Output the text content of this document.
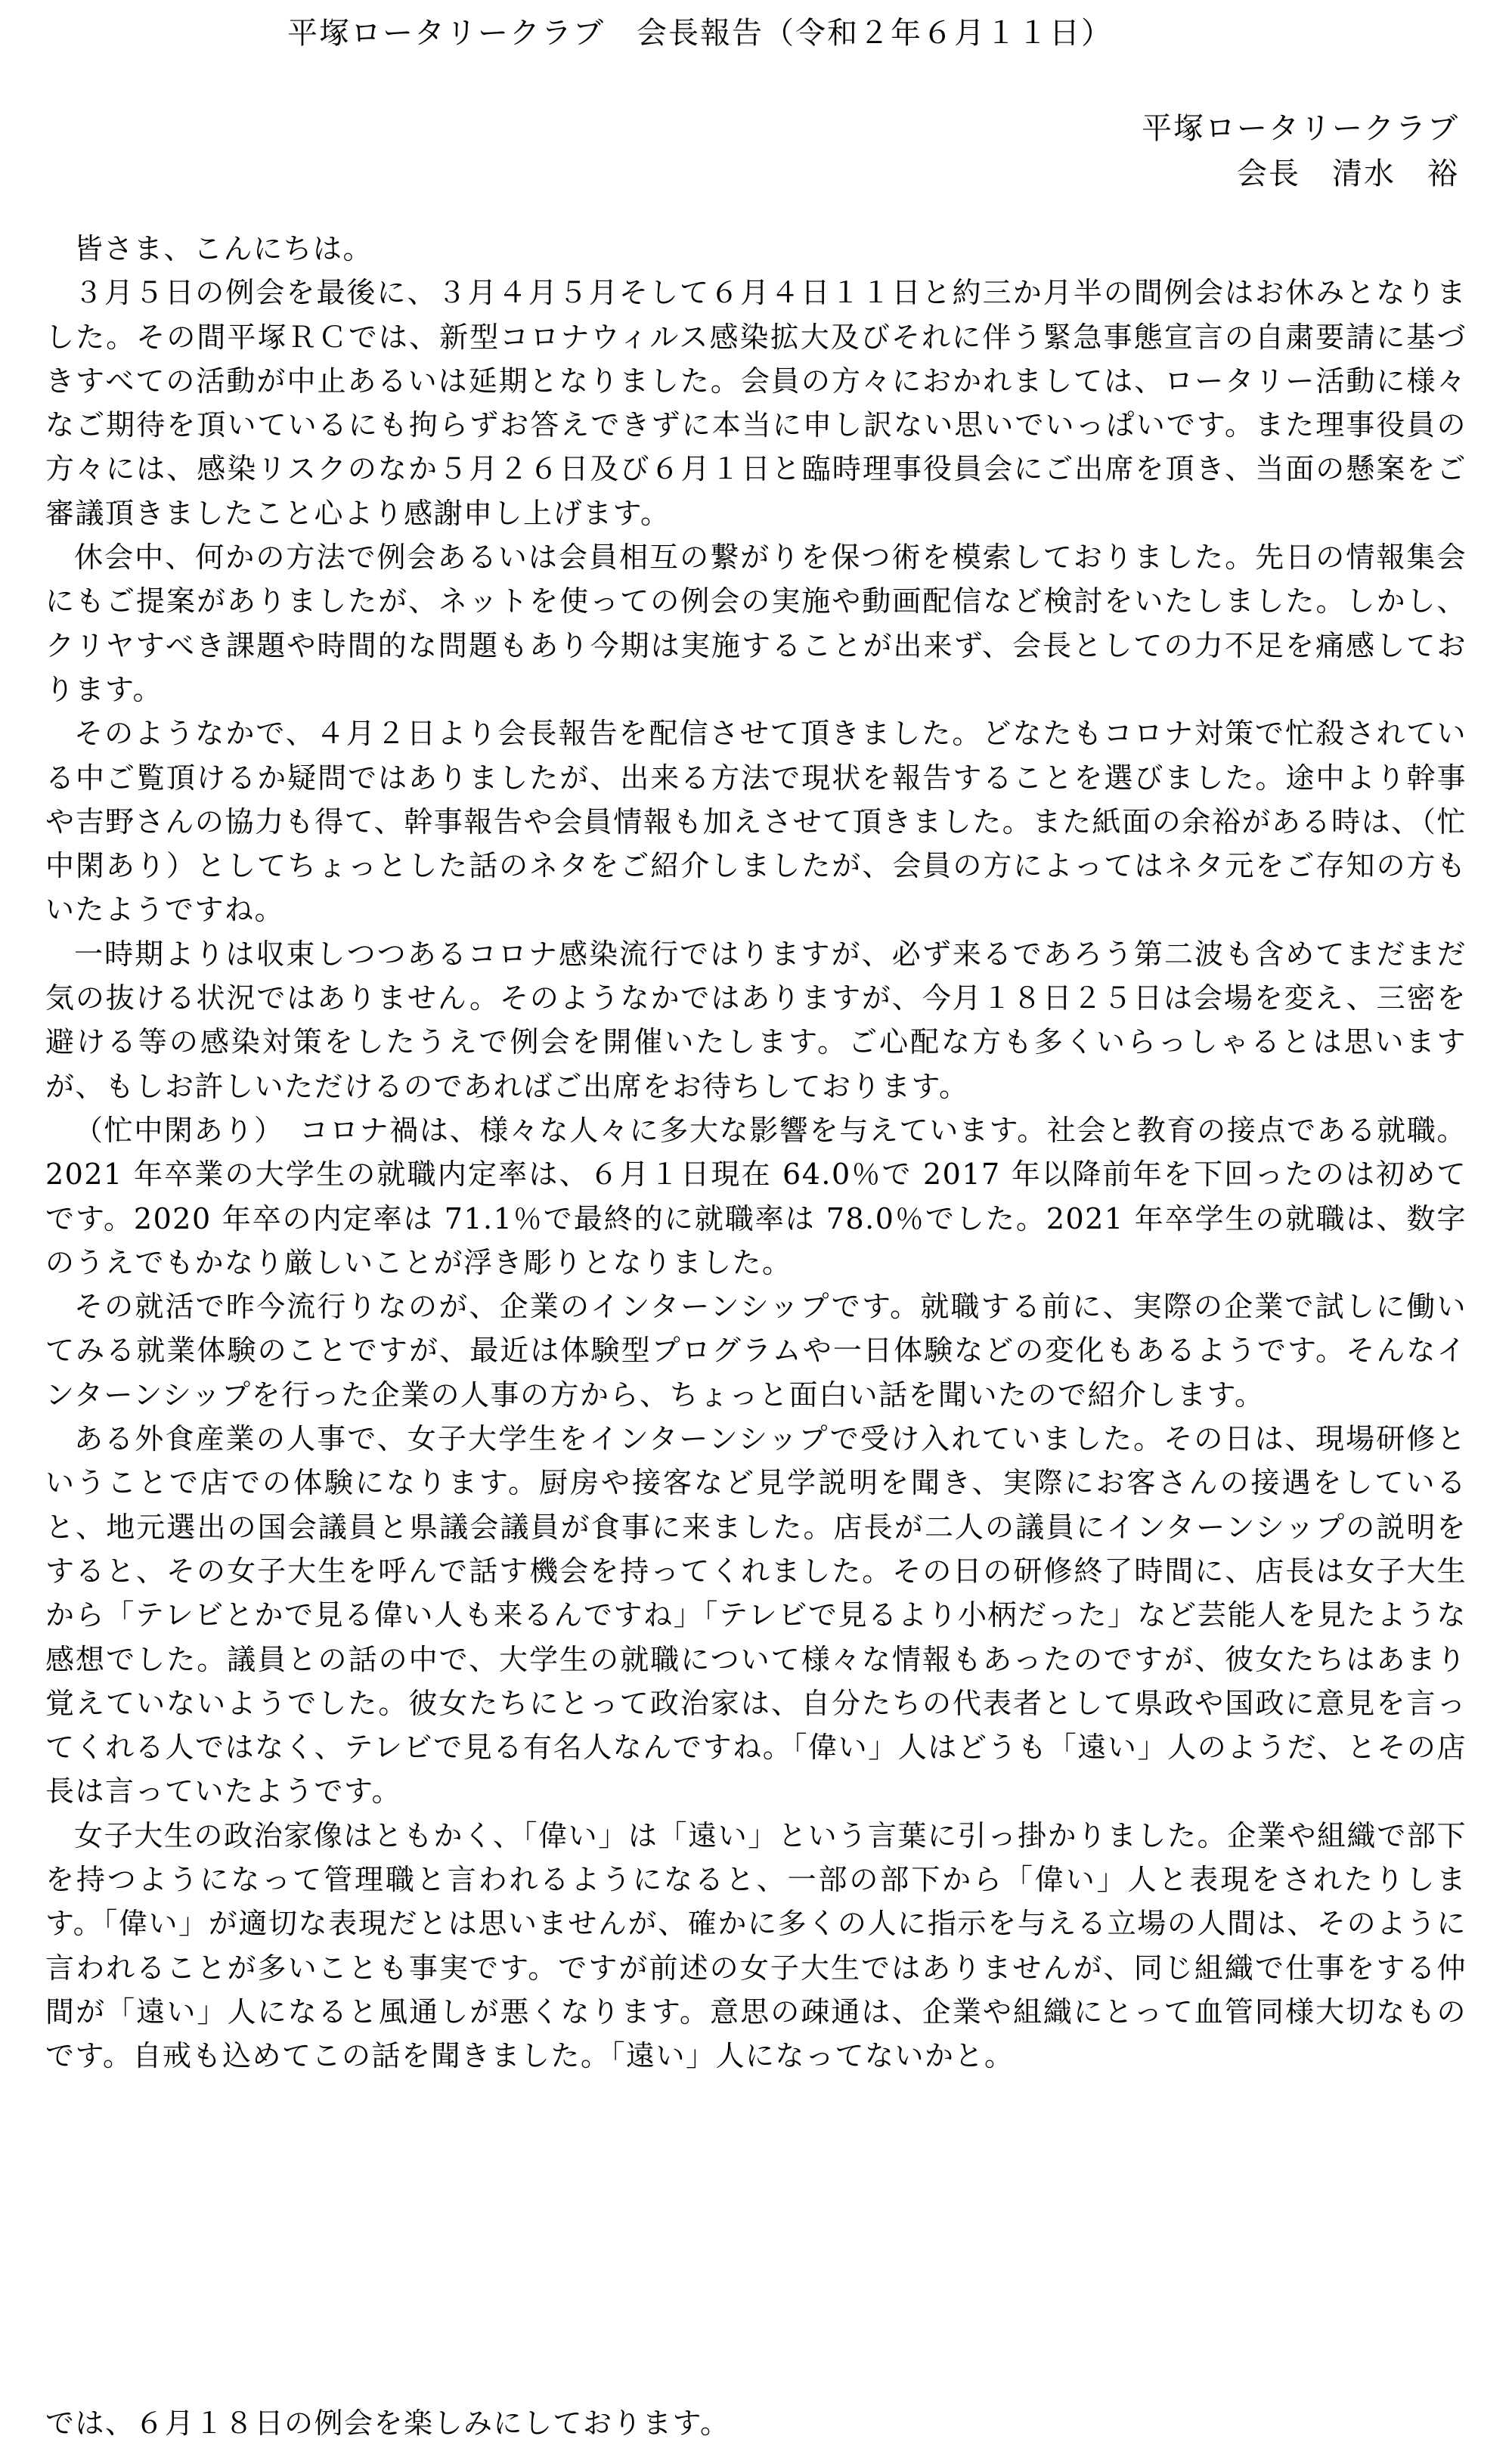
平塚ロータリークラブ　会長報告（令和２年６月１１日）
平塚ロータリークラブ
会長　清水　裕

皆さま、こんにちは。

３月５日の例会を最後に、３月４月５月そして６月４日１１日と約三か月半の間例会はお休みとなりました。その間平塚ＲＣでは、新型コロナウィルス感染拡大及びそれに伴う緊急事態宣言の自粛要請に基づきすべての活動が中止あるいは延期となりました。会員の方々におかれましては、ロータリー活動に様々なご期待を頂いているにも拘らずお答えできずに本当に申し訳ない思いでいっぱいです。また理事役員の方々には、感染リスクのなか５月２６日及び６月１日と臨時理事役員会にご出席を頂き、当面の懸案をご審議頂きましたこと心より感謝申し上げます。

休会中、何かの方法で例会あるいは会員相互の繋がりを保つ術を模索しておりました。先日の情報集会にもご提案がありましたが、ネットを使っての例会の実施や動画配信など検討をいたしました。しかし、クリヤすべき課題や時間的な問題もあり今期は実施することが出来ず、会長としての力不足を痛感しております。

そのようなかで、４月２日より会長報告を配信させて頂きました。どなたもコロナ対策で忙殺されている中ご覧頂けるか疑問ではありましたが、出来る方法で現状を報告することを選びました。途中より幹事や吉野さんの協力も得て、幹事報告や会員情報も加えさせて頂きました。また紙面の余裕がある時は、（忙中閑あり）としてちょっとした話のネタをご紹介しましたが、会員の方によってはネタ元をご存知の方もいたようですね。

一時期よりは収束しつつあるコロナ感染流行ではりますが、必ず来るであろう第二波も含めてまだまだ気の抜ける状況ではありません。そのようなかではありますが、今月１８日２５日は会場を変え、三密を避ける等の感染対策をしたうえで例会を開催いたします。ご心配な方も多くいらっしゃるとは思いますが、もしお許しいただけるのであればご出席をお待ちしております。

（忙中閑あり）　コロナ禍は、様々な人々に多大な影響を与えています。社会と教育の接点である就職。2021 年卒業の大学生の就職内定率は、６月１日現在 64.0％で 2017 年以降前年を下回ったのは初めてです。2020 年卒の内定率は 71.1％で最終的に就職率は 78.0％でした。2021 年卒学生の就職は、数字のうえでもかなり厳しいことが浮き彫りとなりました。

その就活で昨今流行りなのが、企業のインターンシップです。就職する前に、実際の企業で試しに働いてみる就業体験のことですが、最近は体験型プログラムや一日体験などの変化もあるようです。そんなインターンシップを行った企業の人事の方から、ちょっと面白い話を聞いたので紹介します。

ある外食産業の人事で、女子大学生をインターンシップで受け入れていました。その日は、現場研修ということで店での体験になります。厨房や接客など見学説明を聞き、実際にお客さんの接遇をしていると、地元選出の国会議員と県議会議員が食事に来ました。店長が二人の議員にインターンシップの説明をすると、その女子大生を呼んで話す機会を持ってくれました。その日の研修終了時間に、店長は女子大生から「テレビとかで見る偉い人も来るんですね」「テレビで見るより小柄だった」など芸能人を見たような感想でした。議員との話の中で、大学生の就職について様々な情報もあったのですが、彼女たちはあまり覚えていないようでした。彼女たちにとって政治家は、自分たちの代表者として県政や国政に意見を言ってくれる人ではなく、テレビで見る有名人なんですね。「偉い」人はどうも「遠い」人のようだ、とその店長は言っていたようです。

女子大生の政治家像はともかく、「偉い」は「遠い」という言葉に引っ掛かりました。企業や組織で部下を持つようになって管理職と言われるようになると、一部の部下から「偉い」人と表現をされたりします。「偉い」が適切な表現だとは思いませんが、確かに多くの人に指示を与える立場の人間は、そのように言われることが多いことも事実です。ですが前述の女子大生ではありませんが、同じ組織で仕事をする仲間が「遠い」人になると風通しが悪くなります。意思の疎通は、企業や組織にとって血管同様大切なものです。自戒も込めてこの話を聞きました。「遠い」人になってないかと。

では、６月１８日の例会を楽しみにしております。
